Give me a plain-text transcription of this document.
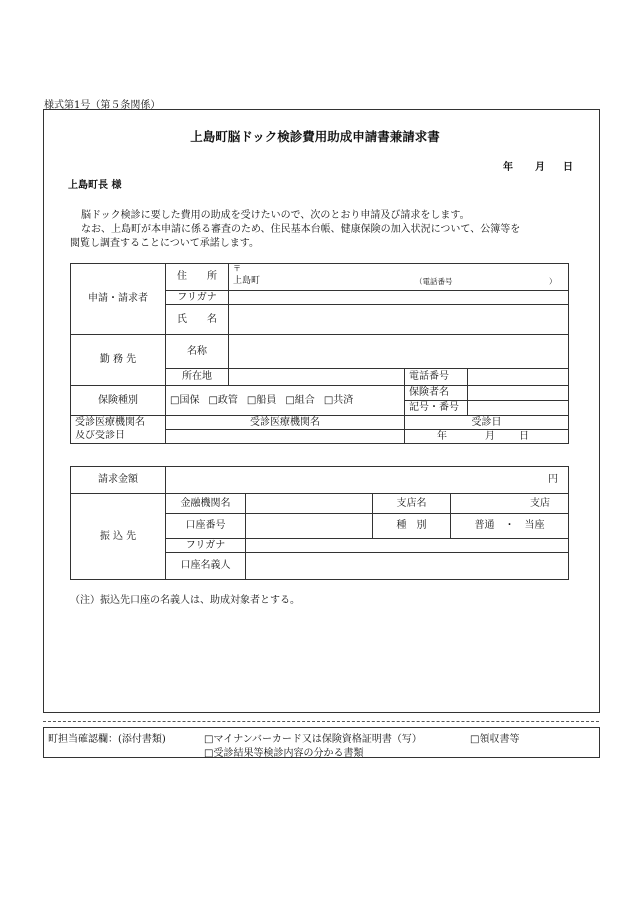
様式第1号（第５条関係）
上島町脳ドック検診費用助成申請書兼請求書
年 月 日
上島町長 様
脳ドック検診に要した費用の助成を受けたいので、次のとおり申請及び請求をします。
なお、上島町が本申請に係る審査のため、住民基本台帳、健康保険の加入状況について、公簿等を
閲覧し調査することについて承諾します。
申請・請求者	住　　所	〒
上島町 （電話番号 ）		

	フリガナ			
	氏　　名			
勤 務 先	名称			
	所在地		電話番号	
保険種別	□国保 □政管 □船員 □組合 □共済		保険者名	
			記号・番号	
受診医療機関名	受診医療機関名		受診日	
及び受診日			年 月 日	
請求金額	円			
振 込 先	金融機関名		支店名	支店
	口座番号		種　別	普通　・　当座
	フリガナ			
	口座名義人			
（注）振込先口座の名義人は、助成対象者とする。
町担当確認欄：(添付書類)	□マイナンバーカード又は保険資格証明書（写）	□領収書等
□受診結果等検診内容の分かる書類
